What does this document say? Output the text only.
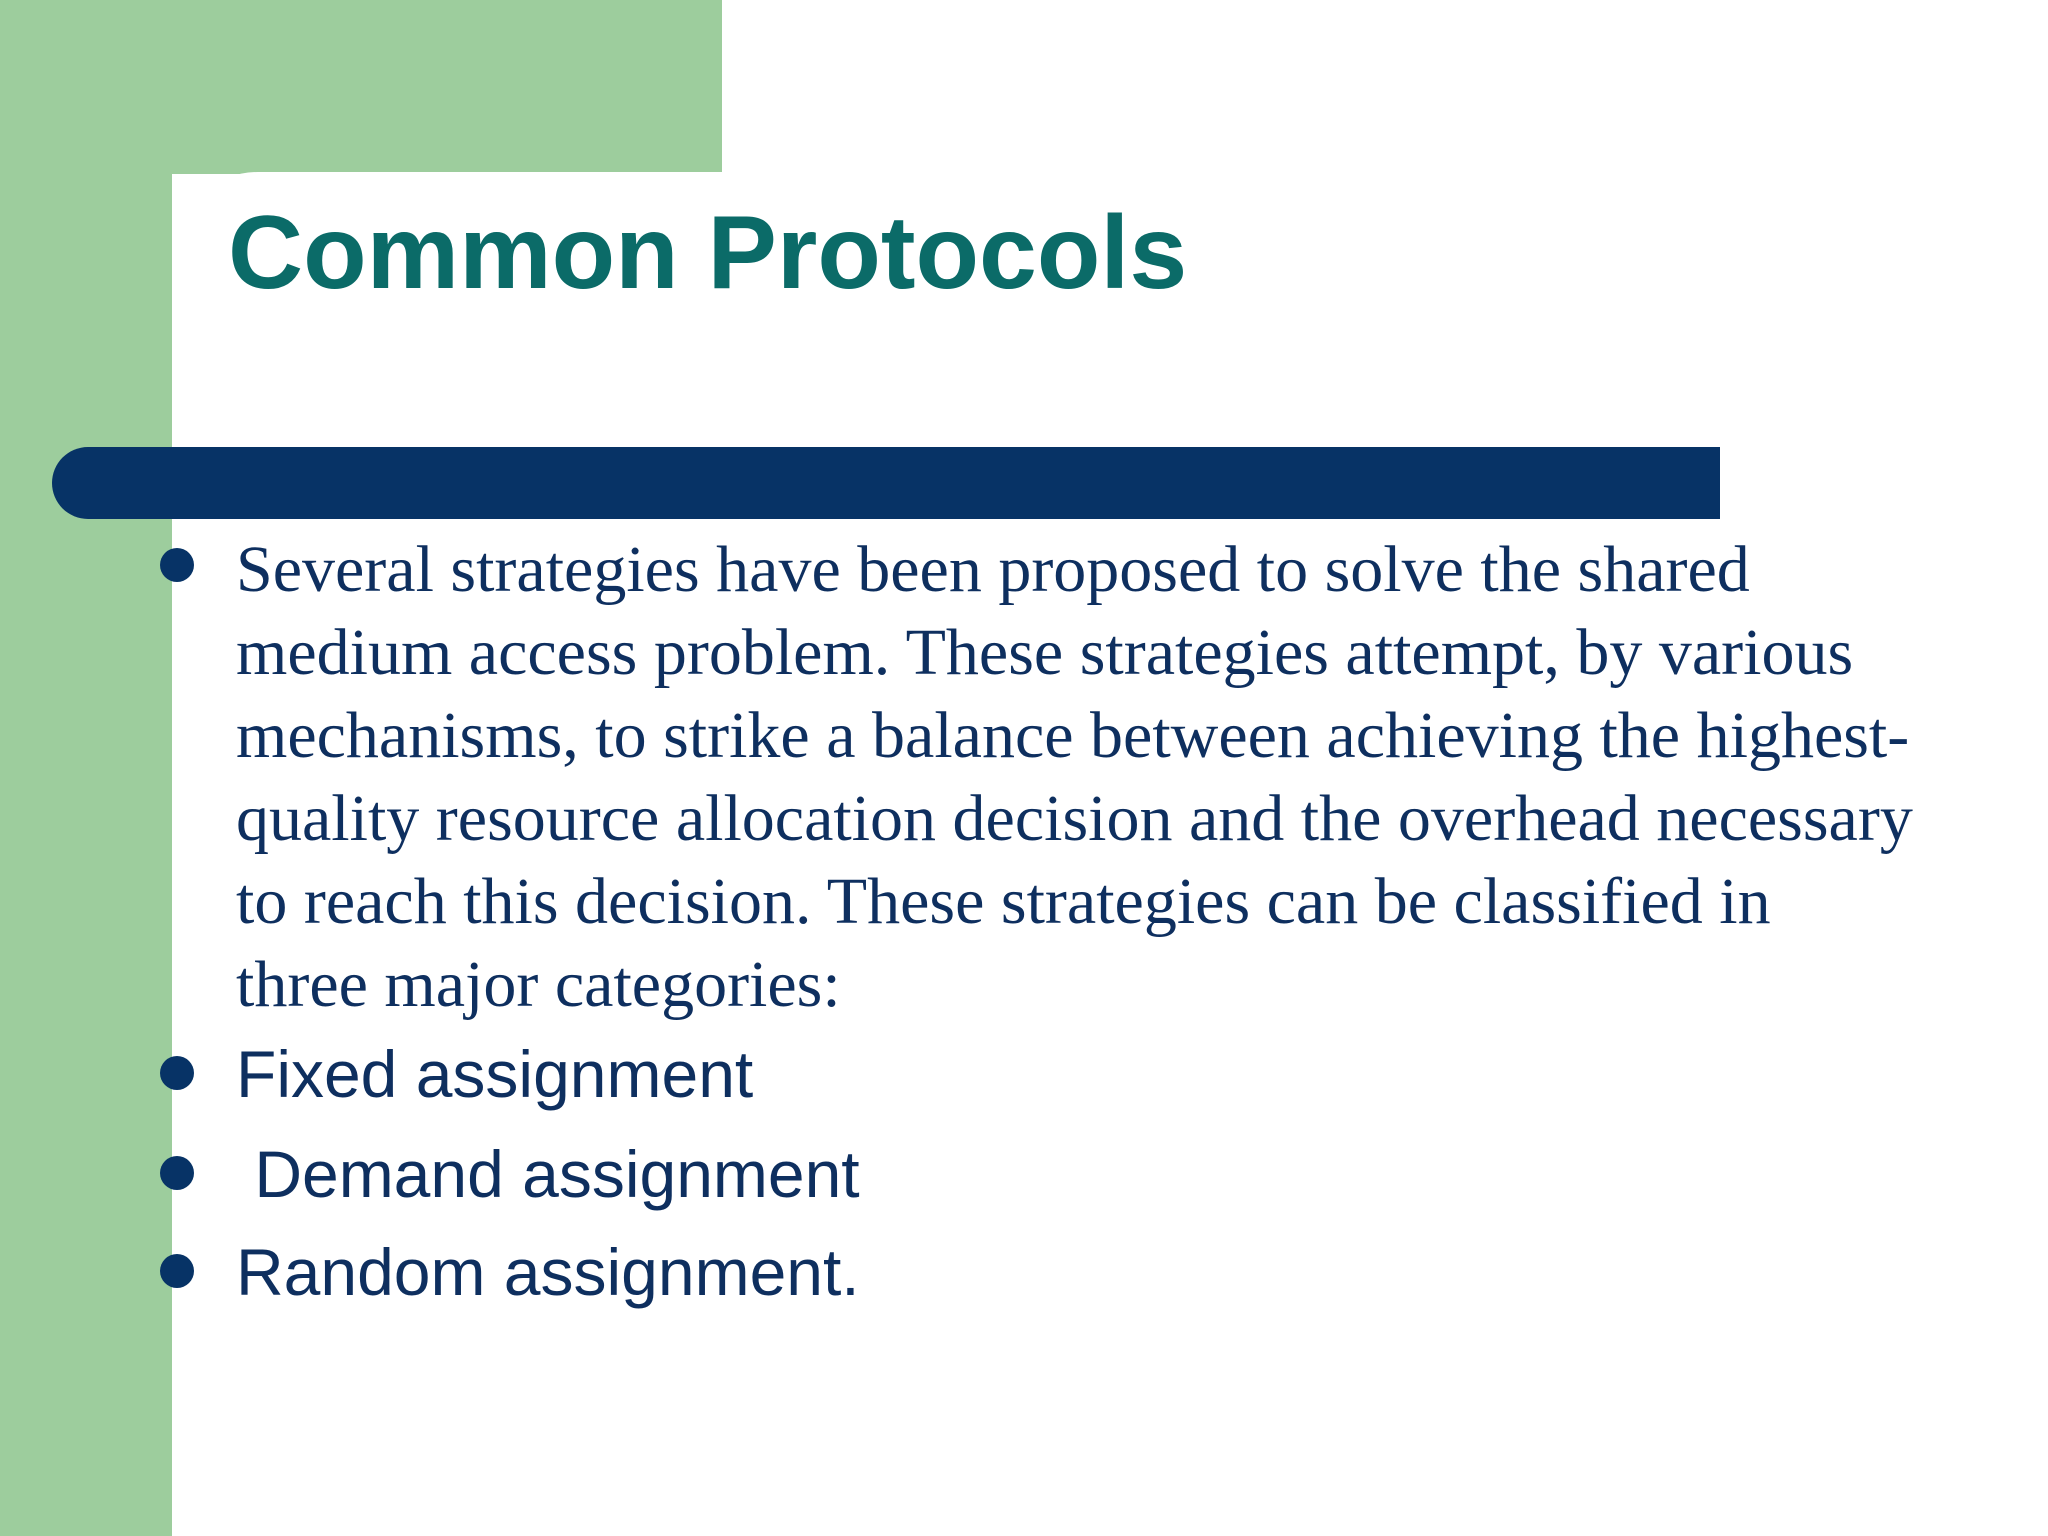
Common Protocols
Several strategies have been proposed to solve the shared
medium access problem. These strategies attempt, by various
mechanisms, to strike a balance between achieving the highest-
quality resource allocation decision and the overhead necessary
to reach this decision. These strategies can be classified in
three major categories:
Fixed assignment
Demand assignment
Random assignment.
